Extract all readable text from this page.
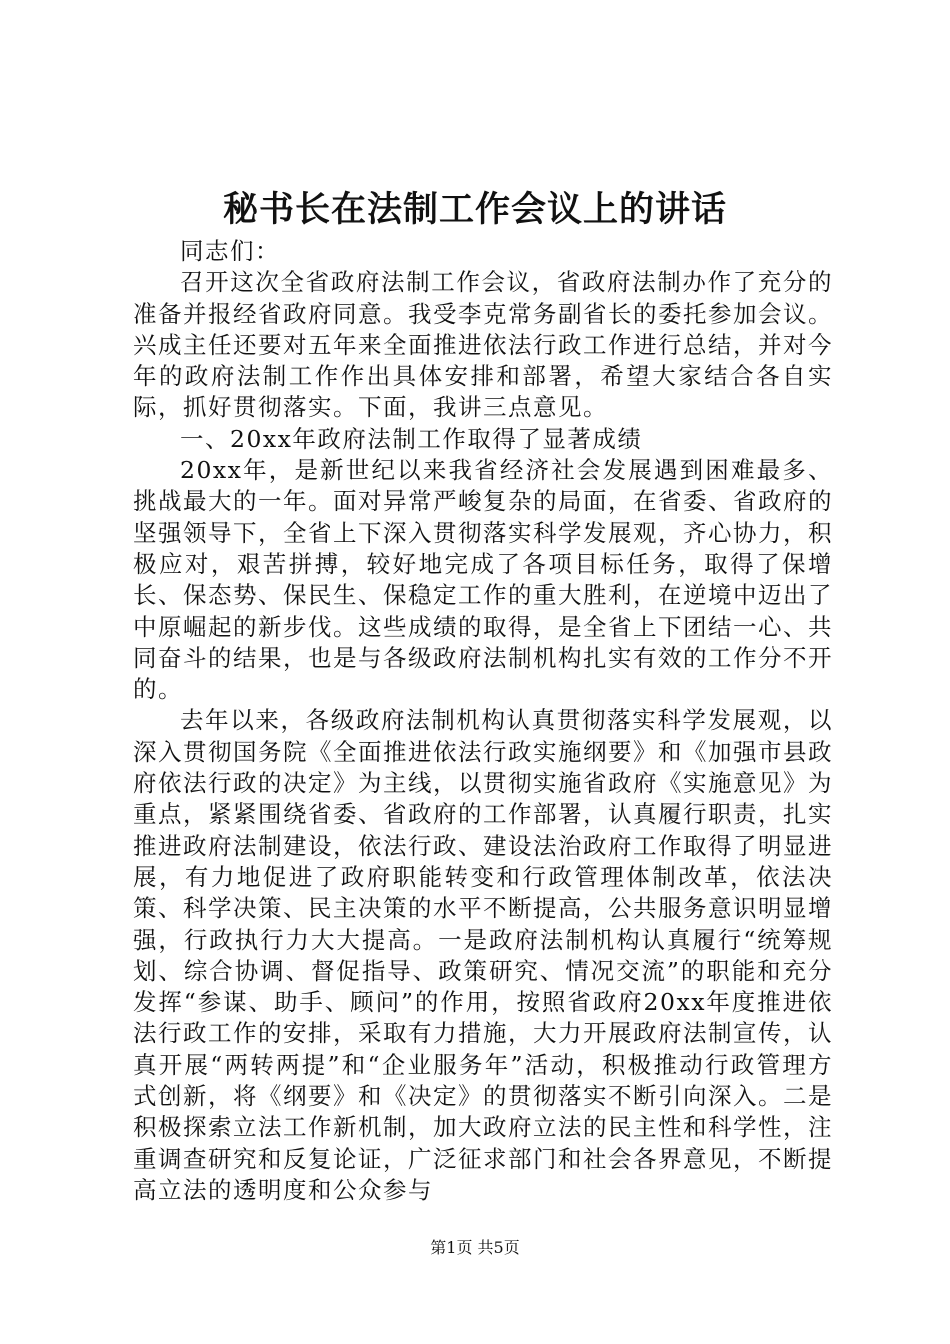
秘书长在法制工作会议上的讲话

同志们：

召开这次全省政府法制工作会议，省政府法制办作了充分的准备并报经省政府同意。我受李克常务副省长的委托参加会议。兴成主任还要对五年来全面推进依法行政工作进行总结，并对今年的政府法制工作作出具体安排和部署，希望大家结合各自实际，抓好贯彻落实。下面，我讲三点意见。

一、20xx年政府法制工作取得了显著成绩

20xx年，是新世纪以来我省经济社会发展遇到困难最多、挑战最大的一年。面对异常严峻复杂的局面，在省委、省政府的坚强领导下，全省上下深入贯彻落实科学发展观，齐心协力，积极应对，艰苦拼搏，较好地完成了各项目标任务，取得了保增长、保态势、保民生、保稳定工作的重大胜利，在逆境中迈出了中原崛起的新步伐。这些成绩的取得，是全省上下团结一心、共同奋斗的结果，也是与各级政府法制机构扎实有效的工作分不开的。

去年以来，各级政府法制机构认真贯彻落实科学发展观，以深入贯彻国务院《全面推进依法行政实施纲要》和《加强市县政府依法行政的决定》为主线，以贯彻实施省政府《实施意见》为重点，紧紧围绕省委、省政府的工作部署，认真履行职责，扎实推进政府法制建设，依法行政、建设法治政府工作取得了明显进展，有力地促进了政府职能转变和行政管理体制改革，依法决策、科学决策、民主决策的水平不断提高，公共服务意识明显增强，行政执行力大大提高。一是政府法制机构认真履行“统筹规划、综合协调、督促指导、政策研究、情况交流”的职能和充分发挥“参谋、助手、顾问”的作用，按照省政府20xx年度推进依法行政工作的安排，采取有力措施，大力开展政府法制宣传，认真开展“两转两提”和“企业服务年”活动，积极推动行政管理方式创新，将《纲要》和《决定》的贯彻落实不断引向深入。二是积极探索立法工作新机制，加大政府立法的民主性和科学性，注重调查研究和反复论证，广泛征求部门和社会各界意见，不断提高立法的透明度和公众参与

第1页 共5页
